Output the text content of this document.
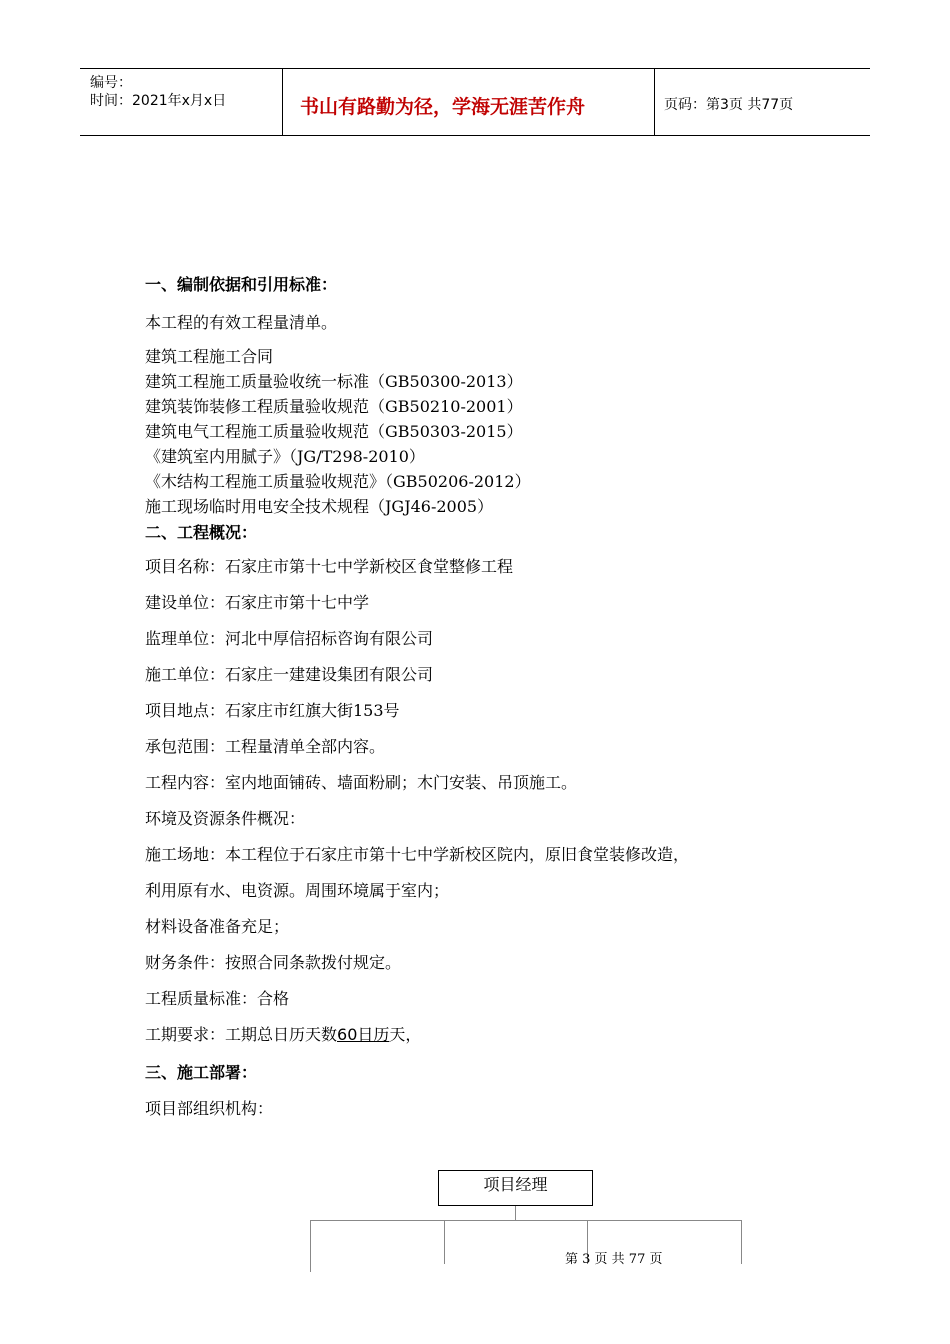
编号：
时间：2021年x月x日	书山有路勤为径，学海无涯苦作舟	页码：第3页 共77页
一、编制依据和引用标准：
本工程的有效工程量清单。
建筑工程施工合同
建筑工程施工质量验收统一标准（GB50300-2013）
建筑装饰装修工程质量验收规范（GB50210-2001）
建筑电气工程施工质量验收规范（GB50303-2015）
《建筑室内用腻子》（JG/T298-2010）
《木结构工程施工质量验收规范》（GB50206-2012）
施工现场临时用电安全技术规程（JGJ46-2005）
二、工程概况：
项目名称：石家庄市第十七中学新校区食堂整修工程
建设单位：石家庄市第十七中学
监理单位：河北中厚信招标咨询有限公司
施工单位：石家庄一建建设集团有限公司
项目地点：石家庄市红旗大街153号
承包范围：工程量清单全部内容。
工程内容：室内地面铺砖、墙面粉刷；木门安装、吊顶施工。
环境及资源条件概况：
施工场地：本工程位于石家庄市第十七中学新校区院内，原旧食堂装修改造，
利用原有水、电资源。周围环境属于室内；
材料设备准备充足；
财务条件：按照合同条款拨付规定。
工程质量标准：合格
工期要求：工期总日历天数60日历天，
三、施工部署：
项目部组织机构：
项目经理
第 3 页 共 77 页
